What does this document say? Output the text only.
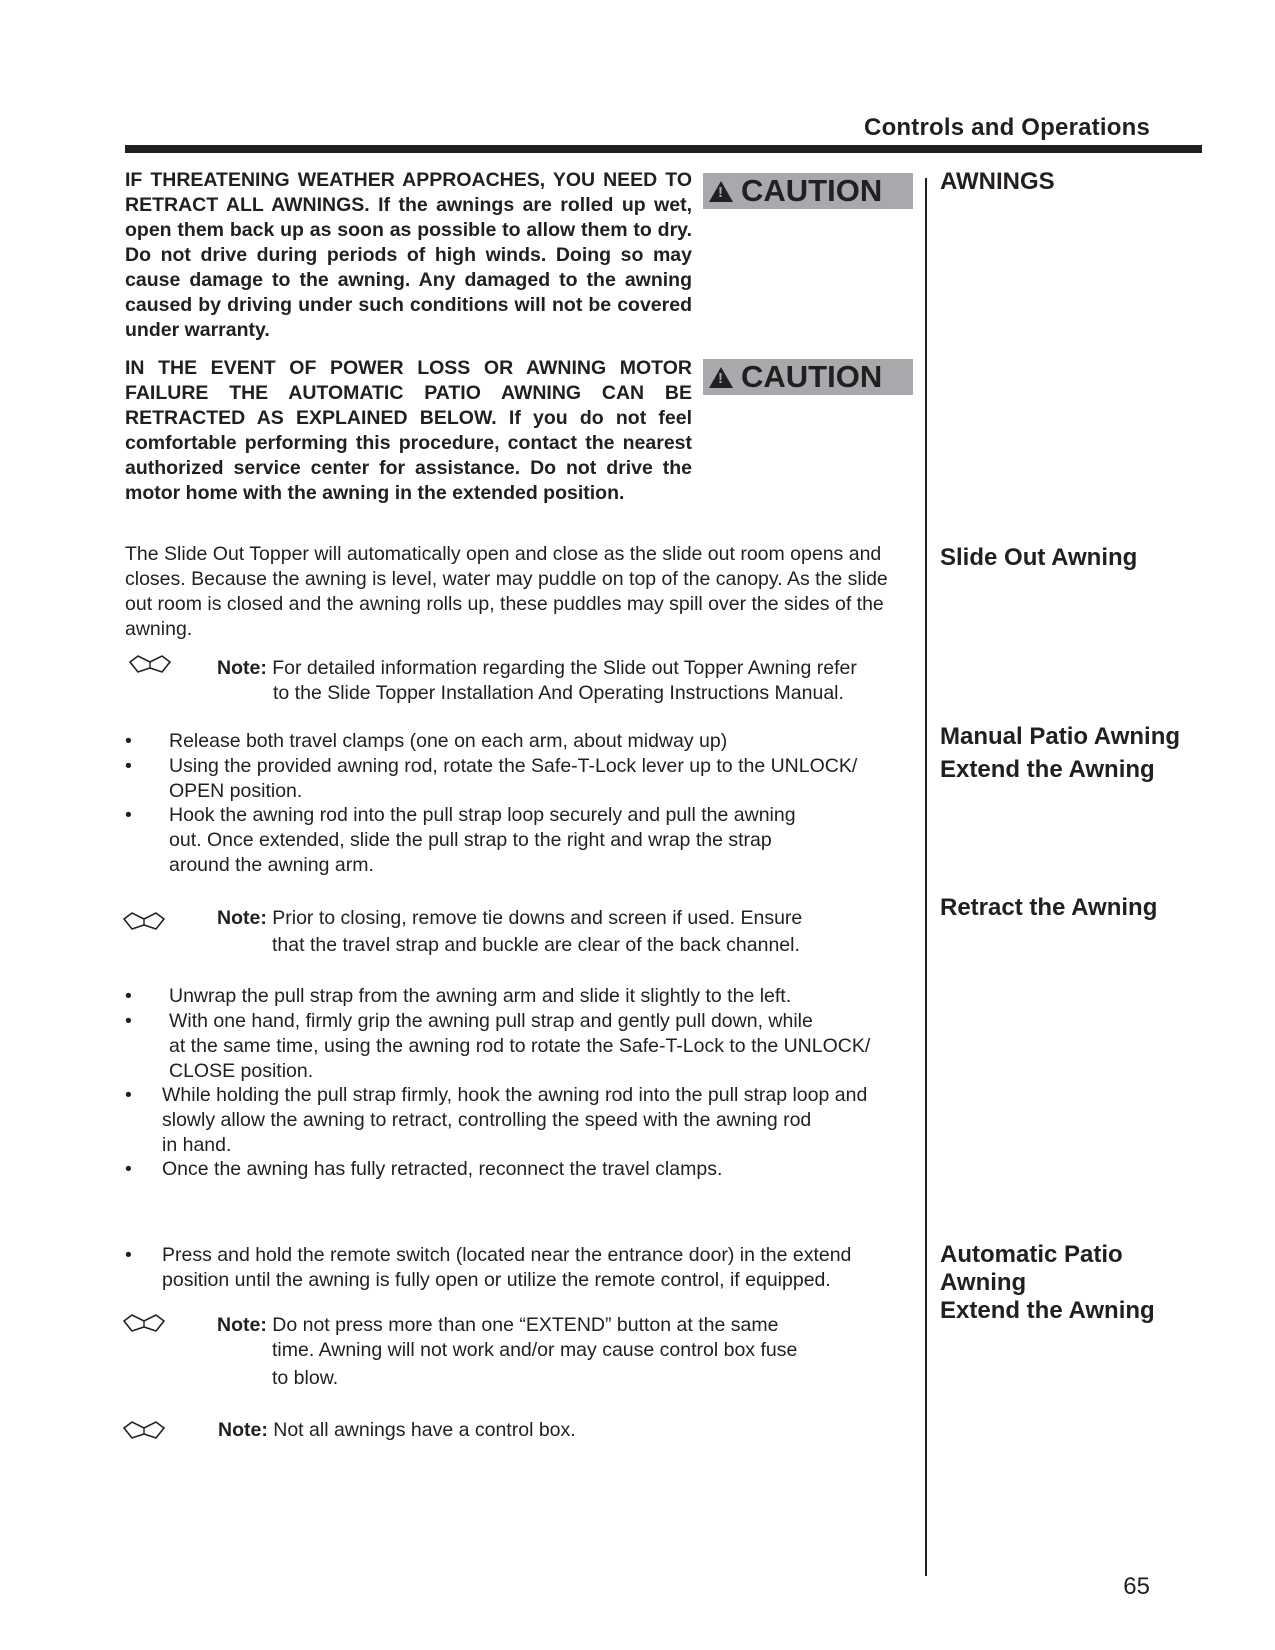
Controls and Operations
IF THREATENING WEATHER APPROACHES, YOU NEED TO RETRACT ALL AWNINGS. If the awnings are rolled up wet, open them back up as soon as possible to allow them to dry. Do not drive during periods of high winds. Doing so may cause damage to the awning. Any damaged to the awning caused by driving under such conditions will not be covered under warranty.
!
CAUTION
IN THE EVENT OF POWER LOSS OR AWNING MOTOR FAILURE THE AUTOMATIC PATIO AWNING CAN BE RETRACTED AS EXPLAINED BELOW. If you do not feel comfortable performing this procedure, contact the nearest authorized service center for assistance. Do not drive the motor home with the awning in the extended position.
!
CAUTION
AWNINGS
Slide Out Awning
Manual Patio Awning
Extend the Awning
Retract the Awning
Automatic Patio
Awning
Extend the Awning
The Slide Out Topper will automatically open and close as the slide out room opens and closes. Because the awning is level, water may puddle on top of the canopy. As the slide out room is closed and the awning rolls up, these puddles may spill over the sides of the awning.
Note: For detailed information regarding the Slide out Topper Awning refer
to the Slide Topper Installation And Operating Instructions Manual.
• Release both travel clamps (one on each arm, about midway up)
• Using the provided awning rod, rotate the Safe-T-Lock lever up to the UNLOCK/
OPEN position.
• Hook the awning rod into the pull strap loop securely and pull the awning
out. Once extended, slide the pull strap to the right and wrap the strap
around the awning arm.
Note: Prior to closing, remove tie downs and screen if used. Ensure
that the travel strap and buckle are clear of the back channel.
• Unwrap the pull strap from the awning arm and slide it slightly to the left.
• With one hand, firmly grip the awning pull strap and gently pull down, while
at the same time, using the awning rod to rotate the Safe-T-Lock to the UNLOCK/
CLOSE position.
• While holding the pull strap firmly, hook the awning rod into the pull strap loop and
slowly allow the awning to retract, controlling the speed with the awning rod
in hand.
• Once the awning has fully retracted, reconnect the travel clamps.
• Press and hold the remote switch (located near the entrance door) in the extend
position until the awning is fully open or utilize the remote control, if equipped.
Note: Do not press more than one “EXTEND” button at the same
time. Awning will not work and/or may cause control box fuse
to blow.
Note: Not all awnings have a control box.
65
